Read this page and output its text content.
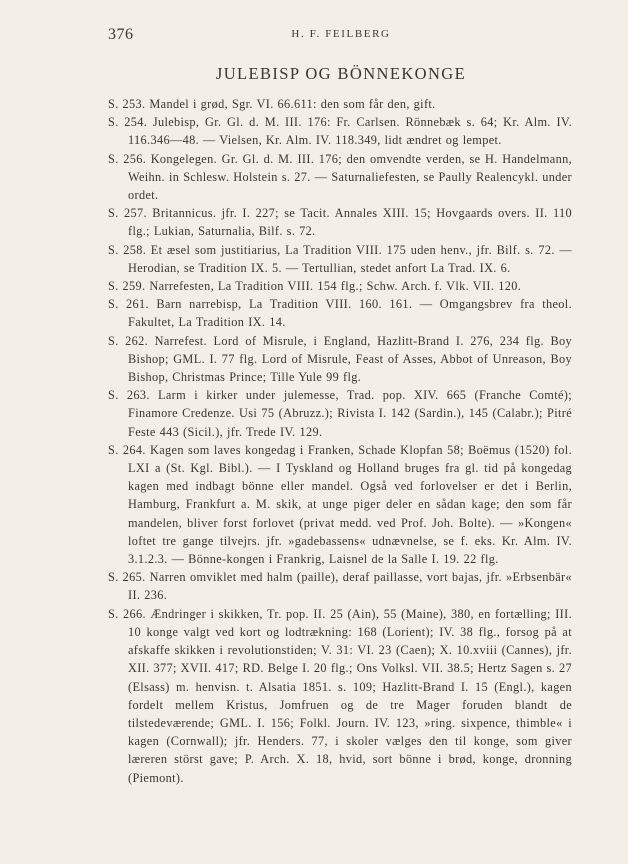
376	H. F. FEILBERG
JULEBISP OG BÖNNEKONGE

S. 253. Mandel i grød, Sgr. VI. 66.611: den som får den, gift.

S. 254. Julebisp, Gr. Gl. d. M. III. 176: Fr. Carlsen. Rönnebæk s. 64; Kr. Alm. IV. 116.346—48. — Vielsen, Kr. Alm. IV. 118.349, lidt ændret og lempet.

S. 256. Kongelegen. Gr. Gl. d. M. III. 176; den omvendte verden, se H. Handelmann, Weihn. in Schlesw. Holstein s. 27. — Saturnaliefesten, se Paully Realencykl. under ordet.

S. 257. Britannicus. jfr. I. 227; se Tacit. Annales XIII. 15; Hovgaards overs. II. 110 flg.; Lukian, Saturnalia, Bilf. s. 72.

S. 258. Et æsel som justitiarius, La Tradition VIII. 175 uden henv., jfr. Bilf. s. 72. — Herodian, se Tradition IX. 5. — Tertullian, stedet anfort La Trad. IX. 6.

S. 259. Narrefesten, La Tradition VIII. 154 flg.; Schw. Arch. f. Vlk. VII. 120.

S. 261. Barn narrebisp, La Tradition VIII. 160. 161. — Omgangsbrev fra theol. Fakultet, La Tradition IX. 14.

S. 262. Narrefest. Lord of Misrule, i England, Hazlitt-Brand I. 276, 234 flg. Boy Bishop; GML. I. 77 flg. Lord of Misrule, Feast of Asses, Abbot of Unreason, Boy Bishop, Christmas Prince; Tille Yule 99 flg.

S. 263. Larm i kirker under julemesse, Trad. pop. XIV. 665 (Franche Comté); Finamore Credenze. Usi 75 (Abruzz.); Rivista I. 142 (Sardin.), 145 (Calabr.); Pitré Feste 443 (Sicil.), jfr. Trede IV. 129.

S. 264. Kagen som laves kongedag i Franken, Schade Klopfan 58; Boëmus (1520) fol. LXI a (St. Kgl. Bibl.). — I Tyskland og Holland bruges fra gl. tid på kongedag kagen med indbagt bönne eller mandel. Også ved forlovelser er det i Berlin, Hamburg, Frankfurt a. M. skik, at unge piger deler en sådan kage; den som får mandelen, bliver forst forlovet (privat medd. ved Prof. Joh. Bolte). — »Kongen« loftet tre gange tilvejrs. jfr. »gadebassens« udnævnelse, se f. eks. Kr. Alm. IV. 3.1.2.3. — Bönne-kongen i Frankrig, Laisnel de la Salle I. 19. 22 flg.

S. 265. Narren omviklet med halm (paille), deraf paillasse, vort bajas, jfr. »Erbsenbär« II. 236.

S. 266. Ændringer i skikken, Tr. pop. II. 25 (Ain), 55 (Maine), 380, en fortælling; III. 10 konge valgt ved kort og lodtrækning: 168 (Lorient); IV. 38 flg., forsog på at afskaffe skikken i revolutionstiden; V. 31: VI. 23 (Caen); X. 10.xviii (Cannes), jfr. XII. 377; XVII. 417; RD. Belge I. 20 flg.; Ons Volksl. VII. 38.5; Hertz Sagen s. 27 (Elsass) m. henvisn. t. Alsatia 1851. s. 109; Hazlitt-Brand I. 15 (Engl.), kagen fordelt mellem Kristus, Jomfruen og de tre Mager foruden blandt de tilstedeværende; GML. I. 156; Folkl. Journ. IV. 123, »ring. sixpence, thimble« i kagen (Cornwall); jfr. Henders. 77, i skoler vælges den til konge, som giver læreren störst gave; P. Arch. X. 18, hvid, sort bönne i brød, konge, dronning (Piemont).
